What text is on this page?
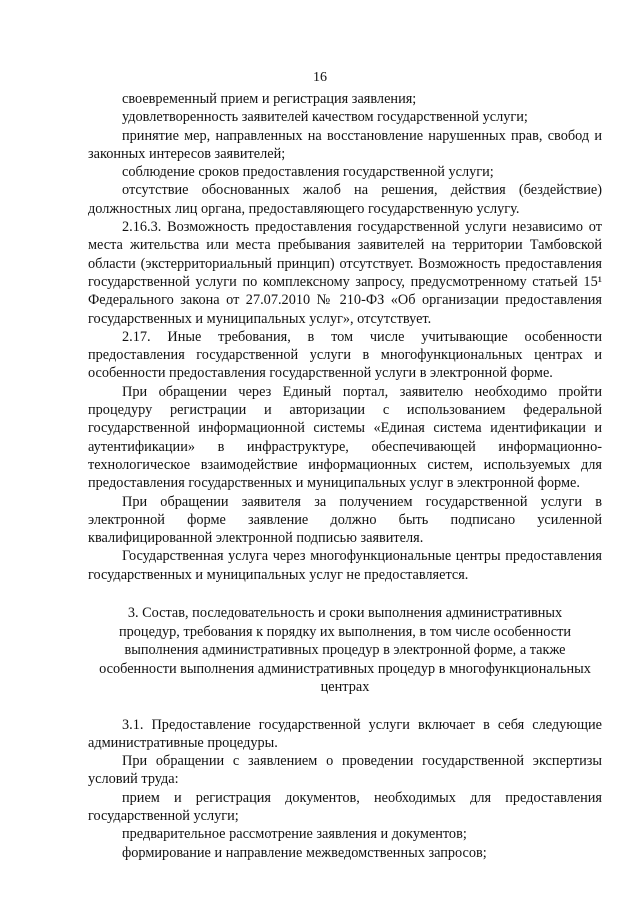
16

своевременный прием и регистрация заявления;

удовлетворенность заявителей качеством государственной услуги;

принятие мер, направленных на восстановление нарушенных прав, свобод и законных интересов заявителей;

соблюдение сроков предоставления государственной услуги;

отсутствие обоснованных жалоб на решения, действия (бездействие) должностных лиц органа, предоставляющего государственную услугу.

2.16.3. Возможность предоставления государственной услуги независимо от места жительства или места пребывания заявителей на территории Тамбовской области (экстерриториальный принцип) отсутствует. Возможность предоставления государственной услуги по комплексному запросу, предусмотренному статьей 15¹ Федерального закона от 27.07.2010 № 210-ФЗ «Об организации предоставления государственных и муниципальных услуг», отсутствует.

2.17. Иные требования, в том числе учитывающие особенности предоставления государственной услуги в многофункциональных центрах и особенности предоставления государственной услуги в электронной форме.

При обращении через Единый портал, заявителю необходимо пройти процедуру регистрации и авторизации с использованием федеральной государственной информационной системы «Единая система идентификации и аутентификации» в инфраструктуре, обеспечивающей информационно-технологическое взаимодействие информационных систем, используемых для предоставления государственных и муниципальных услуг в электронной форме.

При обращении заявителя за получением государственной услуги в электронной форме заявление должно быть подписано усиленной квалифицированной электронной подписью заявителя.

Государственная услуга через многофункциональные центры предоставления государственных и муниципальных услуг не предоставляется.

3. Состав, последовательность и сроки выполнения административных процедур, требования к порядку их выполнения, в том числе особенности выполнения административных процедур в электронной форме, а также особенности выполнения административных процедур в многофункциональных центрах

3.1. Предоставление государственной услуги включает в себя следующие административные процедуры.

При обращении с заявлением о проведении государственной экспертизы условий труда:

прием и регистрация документов, необходимых для предоставления государственной услуги;

предварительное рассмотрение заявления и документов;

формирование и направление межведомственных запросов;
